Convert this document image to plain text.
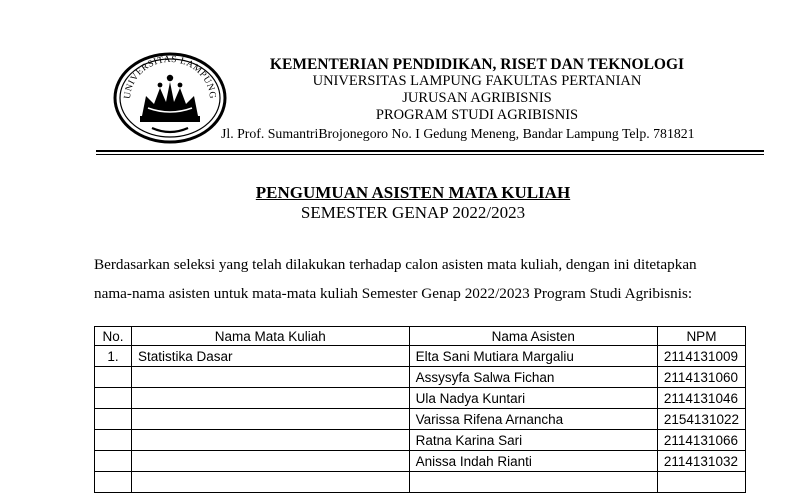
UNIVERSITAS LAMPUNG
KEMENTERIAN PENDIDIKAN, RISET DAN TEKNOLOGI
UNIVERSITAS LAMPUNG FAKULTAS PERTANIAN
JURUSAN AGRIBISNIS
PROGRAM STUDI AGRIBISNIS
Jl. Prof. SumantriBrojonegoro No. I Gedung Meneng, Bandar Lampung Telp. 781821
PENGUMUAN ASISTEN MATA KULIAH
SEMESTER GENAP 2022/2023
Berdasarkan seleksi yang telah dilakukan terhadap calon asisten mata kuliah, dengan ini ditetapkan
nama-nama asisten untuk mata-mata kuliah Semester Genap 2022/2023 Program Studi Agribisnis:
No.	Nama Mata Kuliah	Nama Asisten	NPM
1.	Statistika Dasar	Elta Sani Mutiara Margaliu	2114131009
		Assysyfa Salwa Fichan	2114131060
		Ula Nadya Kuntari	2114131046
		Varissa Rifena Arnancha	2154131022
		Ratna Karina Sari	2114131066
		Anissa Indah Rianti	2114131032
